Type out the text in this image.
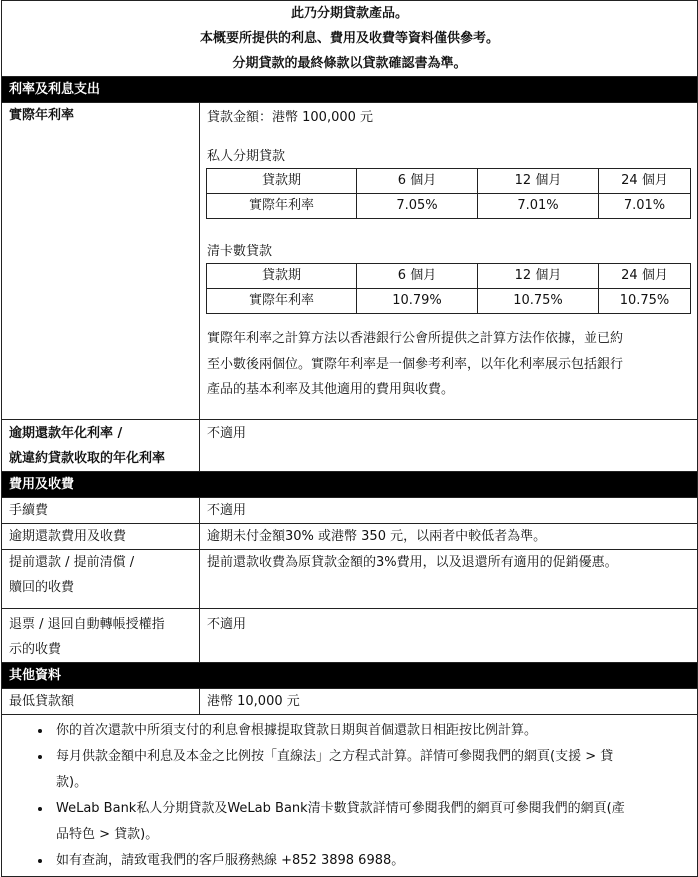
此乃分期貸款產品。
本概要所提供的利息、費用及收費等資料僅供參考。
分期貸款的最終條款以貸款確認書為準。

利率及利息支出
實際年利率	貸款金額：港幣 100,000 元
私人分期貸款
貸款期	6 個月	12 個月	24 個月
實際年利率	7.05%	7.01%	7.01%
清卡數貸款
貸款期	6 個月	12 個月	24 個月
實際年利率	10.79%	10.75%	10.75%
實際年利率之計算方法以香港銀行公會所提供之計算方法作依據，並已約
至小數後兩個位。實際年利率是一個參考利率，以年化利率展示包括銀行
產品的基本利率及其他適用的費用與收費。

逾期還款年化利率 /
就違約貸款收取的年化利率
	不適用
費用及收費
手續費	不適用
逾期還款費用及收費	逾期未付金額30% 或港幣 350 元，以兩者中較低者為準。

提前還款 / 提前清償 /
贖回的收費
	提前還款收費為原貸款金額的3%費用，以及退還所有適用的促銷優惠。

退票 / 退回自動轉帳授權指
示的收費
	不適用
其他資料
最低貸款額	港幣 10,000 元

• 你的首次還款中所須支付的利息會根據提取貸款日期與首個還款日相距按比例計算。
• 每月供款金額中利息及本金之比例按「直線法」之方程式計算。詳情可參閱我們的網頁(支援 > 貸
款)。
• WeLab Bank私人分期貸款及WeLab Bank清卡數貸款詳情可參閱我們的網頁可參閱我們的網頁(產
品特色 > 貸款)。
• 如有查詢，請致電我們的客戶服務熱線 +852 3898 6988。
